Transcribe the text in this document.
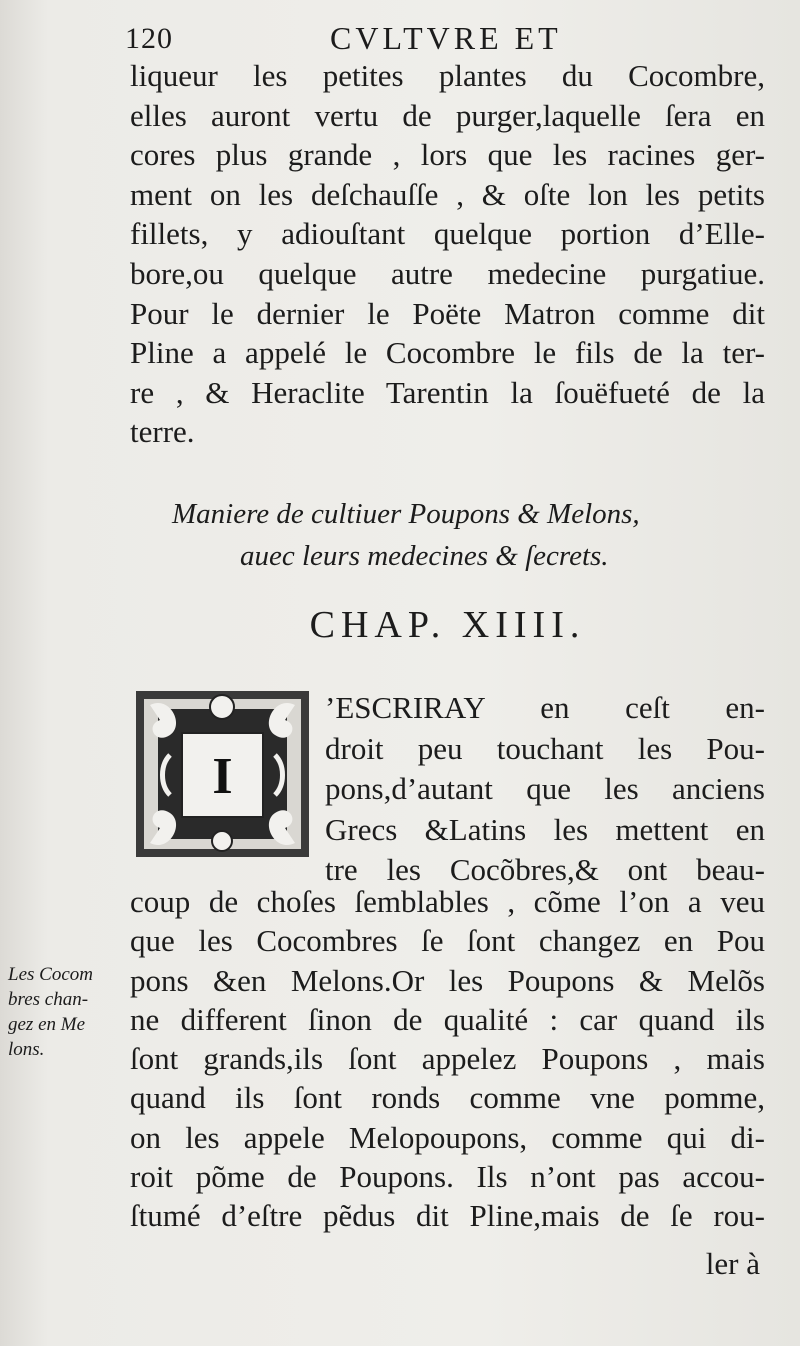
120	CVLTVRE ET
liqueur les petites plantes du Cocombre,
elles auront vertu de purger,laquelle ſera en
cores plus grande , lors que les racines ger-
ment on les deſchauſſe , & oſte lon les petits
fillets, y adiouſtant quelque portion d’Elle-
bore,ou quelque autre medecine purgatiue.
Pour le dernier le Poëte Matron comme dit
Pline a appelé le Cocombre le fils de la ter-
re , & Heraclite Tarentin la ſouëfueté de la
terre.
Maniere de cultiuer Poupons & Melons,
auec leurs medecines & ſecrets.
CHAP. XIIII.
I
’ESCRIRAY en ceſt en-
droit peu touchant les Pou-
pons,d’autant que les anciens
Grecs &Latins les mettent en
tre les Cocõbres,& ont beau-
coup de choſes ſemblables , cõme l’on a veu
que les Cocombres ſe ſont changez en Pou
pons &en Melons.Or les Poupons & Melõs
ne different ſinon de qualité : car quand ils
ſont grands,ils ſont appelez Poupons , mais
quand ils ſont ronds comme vne pomme,
on les appele Melopoupons, comme qui di-
roit põme de Poupons. Ils n’ont pas accou-
ſtumé d’eſtre pẽdus dit Pline,mais de ſe rou-
ler à
Les Cocom
bres chan-
gez en Me
lons.
